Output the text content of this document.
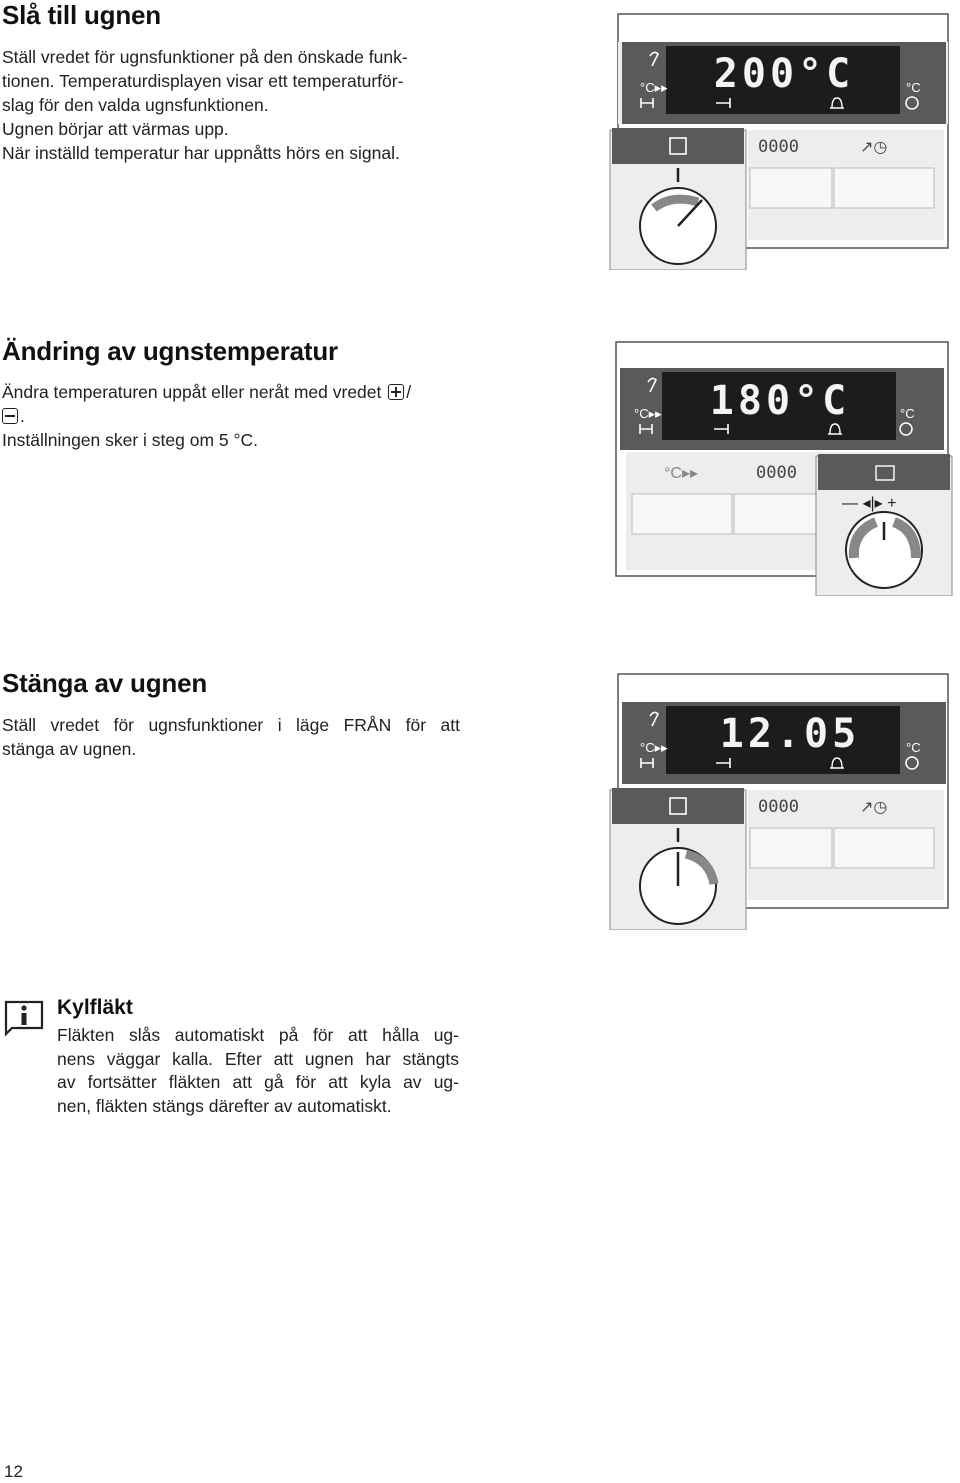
Slå till ugnen
Ställ vredet för ugnsfunktioner på den önskade funk-
tionen. Temperaturdisplayen visar ett temperaturför-
slag för den valda ugnsfunktionen.
Ugnen börjar att värmas upp.
När inställd temperatur har uppnåtts hörs en signal.
200°C
°C▸▸	°C
0000	↗◷
Ändring av ugnstemperatur
Ändra temperaturen uppåt eller neråt med vredet /
.
Inställningen sker i steg om 5 °C.
180°C
°C▸▸	°C
°C▸▸	0000
— ◂|▸ +
Stänga av ugnen
Ställ vredet för ugnsfunktioner i läge FRÅN för att
stänga av ugnen.	12.05
°C▸▸	°C
0000	↗◷
Kylfläkt
Fläkten slås automatiskt på för att hålla ug-
nens väggar kalla. Efter att ugnen har stängts
av fortsätter fläkten att gå för att kyla av ug-
nen, fläkten stängs därefter av automatiskt.
12
